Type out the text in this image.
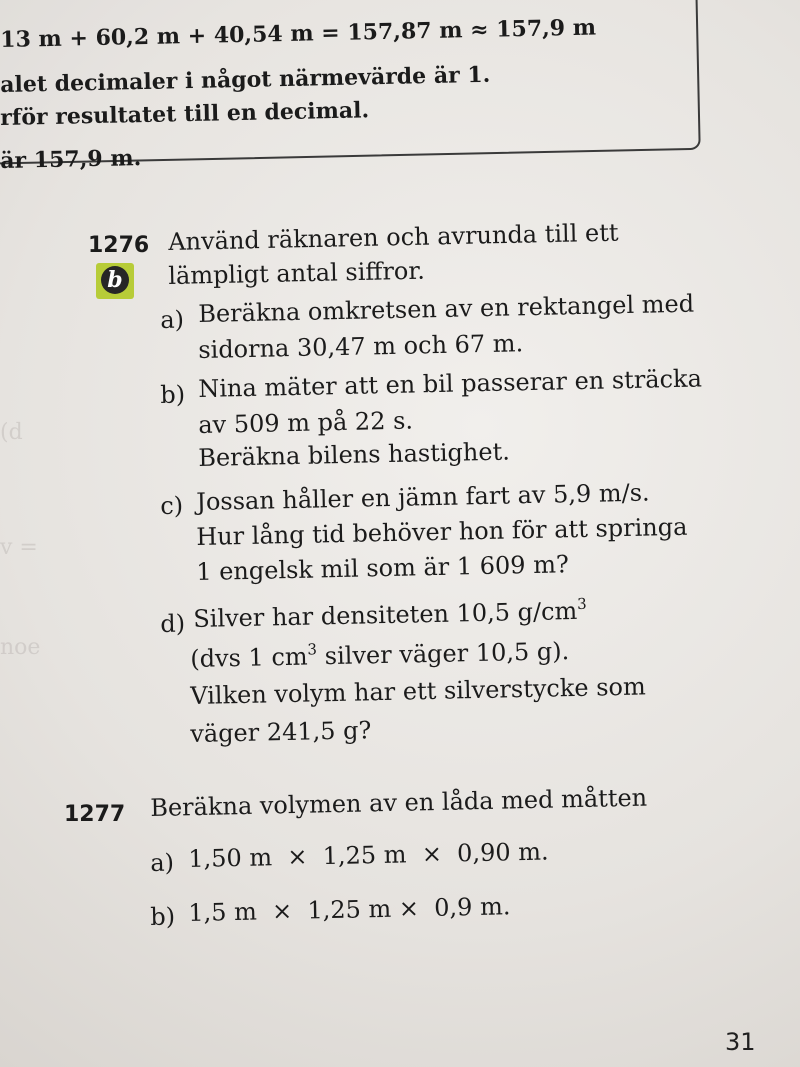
(d
v =
noe
13 m + 60,2 m + 40,54 m = 157,87 m ≈ 157,9 m
alet decimaler i något närmevärde är 1.
rför resultatet till en decimal.
är 157,9 m.
1276
b
Använd räknaren och avrunda till ett
lämpligt antal siffror.
a) Beräkna omkretsen av en rektangel med
sidorna 30,47 m och 67 m.
b) Nina mäter att en bil passerar en sträcka
av 509 m på 22 s.
Beräkna bilens hastighet.
c) Jossan håller en jämn fart av 5,9 m/s.
Hur lång tid behöver hon för att springa
1 engelsk mil som är 1 609 m?
d) Silver har densiteten 10,5 $g/cm^3$
(dvs 1 $cm^3$ silver väger 10,5 g).
Vilken volym har ett silverstycke som
väger 241,5 g?
1277 Beräkna volymen av en låda med måtten
a) 1,50 m  ×  1,25 m  ×  0,90 m.
b) 1,5 m  ×  1,25 m ×  0,9 m.
31
